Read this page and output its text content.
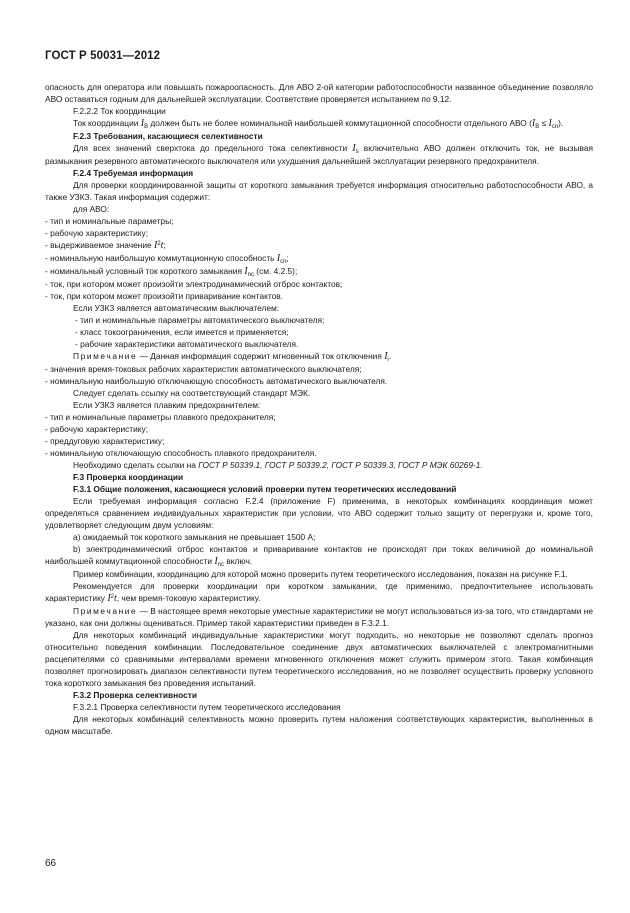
ГОСТ Р 50031—2012

опасность для оператора или повышать пожароопасность. Для АВО 2-ой категории работоспособности названное объединение позволяло АВО оставаться годным для дальнейшей эксплуатации. Соответствие проверяется испытанием по 9.12.

F.2.2.2 Ток координации

Ток координации $I_B$ должен быть не более номинальной наибольшей коммутационной способности отдельного АВО $(I_B \le I_{cn})$.

F.2.3 Требования, касающиеся селективности

Для всех значений сверхтока до предельного тока селективности $I_s$ включительно АВО должен отключить ток, не вызывая размыкания резервного автоматического выключателя или ухудшения дальнейшей эксплуатации резервного предохранителя.

F.2.4 Требуемая информация

Для проверки координированной защиты от короткого замыкания требуется информация относительно работоспособности АВО, а также УЗКЗ. Такая информация содержит:

для АВО:

- тип и номинальные параметры;

- рабочую характеристику;

- выдерживаемое значение $I^2t$;

- номинальную наибольшую коммутационную способность $I_{cn}$;

- номинальный условный ток короткого замыкания $I_{nc}$ (см. 4.2.5);

- ток, при котором может произойти электродинамический отброс контактов;

- ток, при котором может произойти приваривание контактов.

Если УЗКЗ является автоматическим выключателем:

- тип и номинальные параметры автоматического выключателя;

- класс токоограничения, если имеется и применяется;

- рабочие характеристики автоматического выключателя.

Примечание — Данная информация содержит мгновенный ток отключения $I_i$.

- значения время-токовых рабочих характеристик автоматического выключателя;

- номинальную наибольшую отключающую способность автоматического выключателя.

Следует сделать ссылку на соответствующий стандарт МЭК.

Если УЗКЗ является плавким предохранителем:

- тип и номинальные параметры плавкого предохранителя;

- рабочую характеристику;

- преддуговую характеристику;

- номинальную отключающую способность плавкого предохранителя.

Необходимо сделать ссылки на ГОСТ Р 50339.1, ГОСТ Р 50339.2, ГОСТ Р 50339.3, ГОСТ Р МЭК 60269-1.

F.3 Проверка координации

F.3.1 Общие положения, касающиеся условий проверки путем теоретических исследований

Если требуемая информация согласно F.2.4 (приложение F) применима, в некоторых комбинациях координация может определяться сравнением индивидуальных характеристик при условии, что АВО содержит только защиту от перегрузки и, кроме того, удовлетворяет следующим двум условиям:

a) ожидаемый ток короткого замыкания не превышает 1500 А;

b) электродинамический отброс контактов и приваривание контактов не происходят при токах величиной до номинальной наибольшей коммутационной способности $I_{nc}$ включ.

Пример комбинации, координацию для которой можно проверить путем теоретического исследования, показан на рисунке F.1.

Рекомендуется для проверки координации при коротком замыкании, где применимо, предпочтительнее использовать характеристику $I^2t$, чем время-токовую характеристику.

Примечание — В настоящее время некоторые уместные характеристики не могут использоваться из-за того, что стандартами не указано, как они должны оцениваться. Пример такой характеристики приведен в F.3.2.1.

Для некоторых комбинаций индивидуальные характеристики могут подходить, но некоторые не позволяют сделать прогноз относительно поведения комбинации. Последовательное соединение двух автоматических выключателей с электромагнитными расцепителями со сравнимыми интервалами времени мгновенного отключения может служить примером этого. Такая комбинация позволяет прогнозировать диапазон селективности путем теоретического исследования, но не позволяет осуществить проверку условного тока короткого замыкания без проведения испытаний.

F.3.2 Проверка селективности

F.3.2.1 Проверка селективности путем теоретического исследования

Для некоторых комбинаций селективность можно проверить путем наложения соответствующих характеристик, выполненных в одном масштабе.

66
